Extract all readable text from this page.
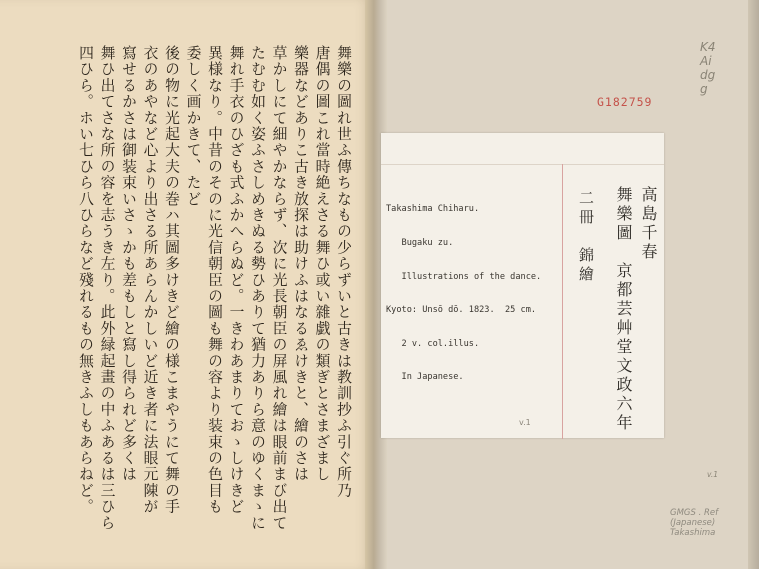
舞樂の圖れ世ふ傳ちなもの少らずいと古きは教訓抄ふ引ぐ所乃

唐偶の圖これ當時絶えさる舞ひ或い雜戯の類ぎとさまざまし

樂器などありこ古き放探は助けふはなるゑけきと、繪のさは

草かしにて細やかならず、次に光長朝臣の屏風れ繪は眼前まび出て

たむむ如く姿ふさしめきぬる勢ひありて猶力ありら意のゆくまゝに

舞れ手衣のひざも式ふかへらぬど。一きわあまりておゝしけきど

異様なり。中昔のそのに光信朝臣の圖も舞の容より装束の色目も

委しく画かきて、たど

後の物に光起大夫の巻ハ其圖多けきど繪の様こまやうにて舞の手

衣のあやなど心より出さる所あらんかしいど近き者に法眼元陳が

寫せるかさは御装束いさゝかも差もしと寫し得られど多くは

舞ひ出てさな所の容を志うき左り。此外緑起畫の中ふあるは三ひら

四ひら。ホい七ひら八ひらなど殘れるもの無きふしもあらねど。	K4
Ai
dg
g
G182759

Takashima Chiharu.

Bugaku zu.

Illustrations of the dance.

Kyoto: Unsō dō. 1823.  25 cm.

2 v. col.illus.

In Japanese.

高島千春
舞樂圖　京都芸艸堂文政六年
二冊　錦繪
v.1
v.1
GMGS . Ref
(Japanese)
Takashima
